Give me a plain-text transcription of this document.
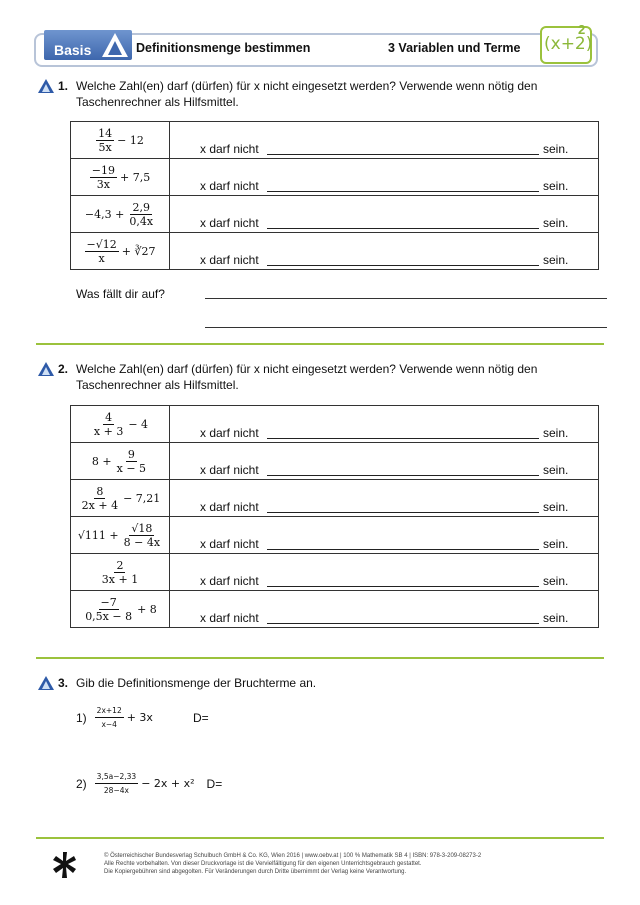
Basis	Definitionsmenge bestimmen	3 Variablen und Terme (x+2)
2
1. Welche Zahl(en) darf (dürfen) für x nicht eingesetzt werden? Verwende wenn nötig den Taschenrechner als Hilfsmittel.
$\frac{14}{5x} - 12$	x darf nicht sein.

$\frac{-19}{3x} + 7,5$	x darf nicht sein.

$-4,3 + \frac{2,9}{0,4x}$	x darf nicht sein.

$\frac{-√12}{x}$ + ∛27	x darf nicht sein.
Was fällt dir auf?
2. Welche Zahl(en) darf (dürfen) für x nicht eingesetzt werden? Verwende wenn nötig den Taschenrechner als Hilfsmittel.
$\frac{4}{x + 3} - 4$	x darf nicht sein.

$8 + \frac{9}{x - 5}$	x darf nicht sein.

$\frac{8}{2x + 4} - 7,21$	x darf nicht sein.

$√111 + \frac{√18}{8 - 4x}$	x darf nicht sein.

$\frac{2}{3x + 1}$	x darf nicht sein.

$\frac{-7}{0,5x - 8} + 8$	x darf nicht sein.
3. Gib die Definitionsmenge der Bruchterme an.
$1) \frac{2x+12}{x-4} + 3x$	D=
$2) \frac{3,5a-2,33}{28-4x} - 2x + x^2$ D=
© Österreichischer Bundesverlag Schulbuch GmbH & Co. KG, Wien 2016 | www.oebv.at | 100 % Mathematik SB 4 | ISBN: 978-3-209-08273-2
Alle Rechte vorbehalten. Von dieser Druckvorlage ist die Vervielfältigung für den eigenen Unterrichtsgebrauch gestattet.
Die Kopiergebühren sind abgegolten. Für Veränderungen durch Dritte übernimmt der Verlag keine Verantwortung.
